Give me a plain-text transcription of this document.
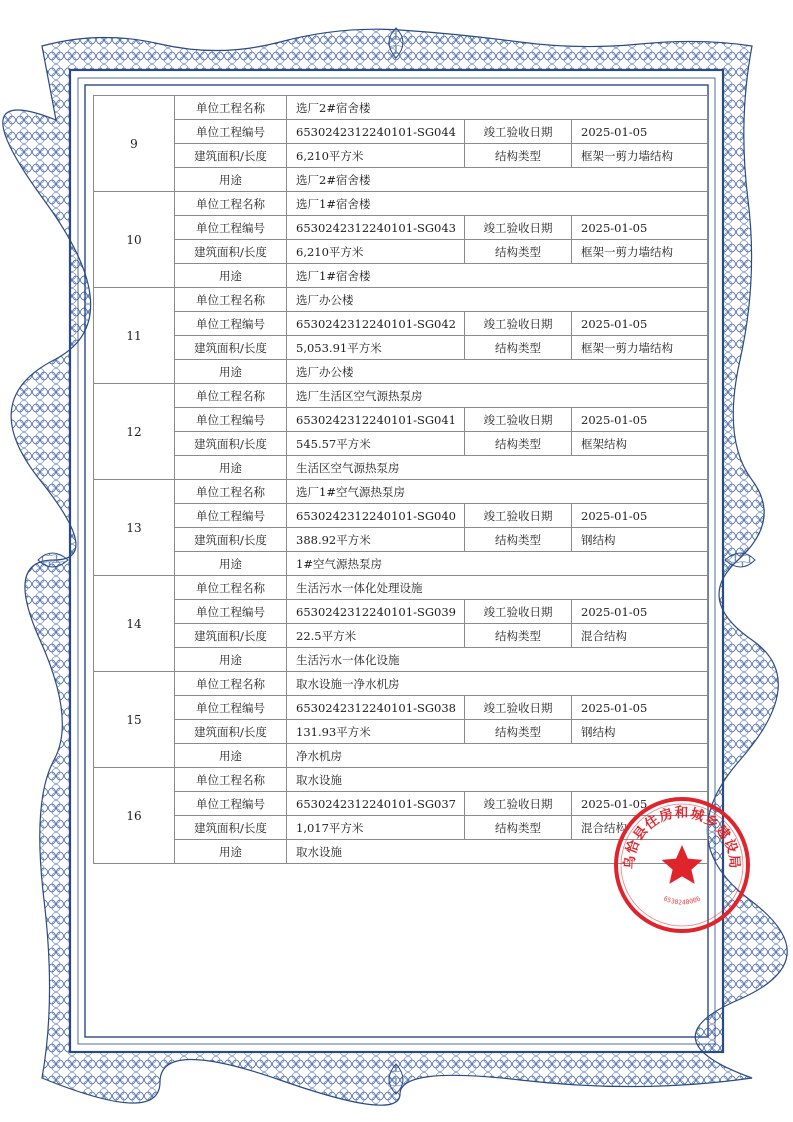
9	单位工程名称	选厂2#宿舍楼		
	单位工程编号	6530242312240101-SG044	竣工验收日期	2025-01-05
	建筑面积/长度	6,210平方米	结构类型	框架一剪力墙结构
	用途	选厂2#宿舍楼		
10	单位工程名称	选厂1#宿舍楼		
	单位工程编号	6530242312240101-SG043	竣工验收日期	2025-01-05
	建筑面积/长度	6,210平方米	结构类型	框架一剪力墙结构
	用途	选厂1#宿舍楼		
11	单位工程名称	选厂办公楼		
	单位工程编号	6530242312240101-SG042	竣工验收日期	2025-01-05
	建筑面积/长度	5,053.91平方米	结构类型	框架一剪力墙结构
	用途	选厂办公楼		
12	单位工程名称	选厂生活区空气源热泵房		
	单位工程编号	6530242312240101-SG041	竣工验收日期	2025-01-05
	建筑面积/长度	545.57平方米	结构类型	框架结构
	用途	生活区空气源热泵房		
13	单位工程名称	选厂1#空气源热泵房		
	单位工程编号	6530242312240101-SG040	竣工验收日期	2025-01-05
	建筑面积/长度	388.92平方米	结构类型	钢结构
	用途	1#空气源热泵房		
14	单位工程名称	生活污水一体化处理设施		
	单位工程编号	6530242312240101-SG039	竣工验收日期	2025-01-05
	建筑面积/长度	22.5平方米	结构类型	混合结构
	用途	生活污水一体化设施		
15	单位工程名称	取水设施一净水机房		
	单位工程编号	6530242312240101-SG038	竣工验收日期	2025-01-05
	建筑面积/长度	131.93平方米	结构类型	钢结构
	用途	净水机房		
16	单位工程名称	取水设施		
	单位工程编号	6530242312240101-SG037	竣工验收日期	2025-01-05
	建筑面积/长度	1,017平方米	结构类型	混合结构
	用途	取水设施		
乌恰县住房和城乡建设局
6530240006
